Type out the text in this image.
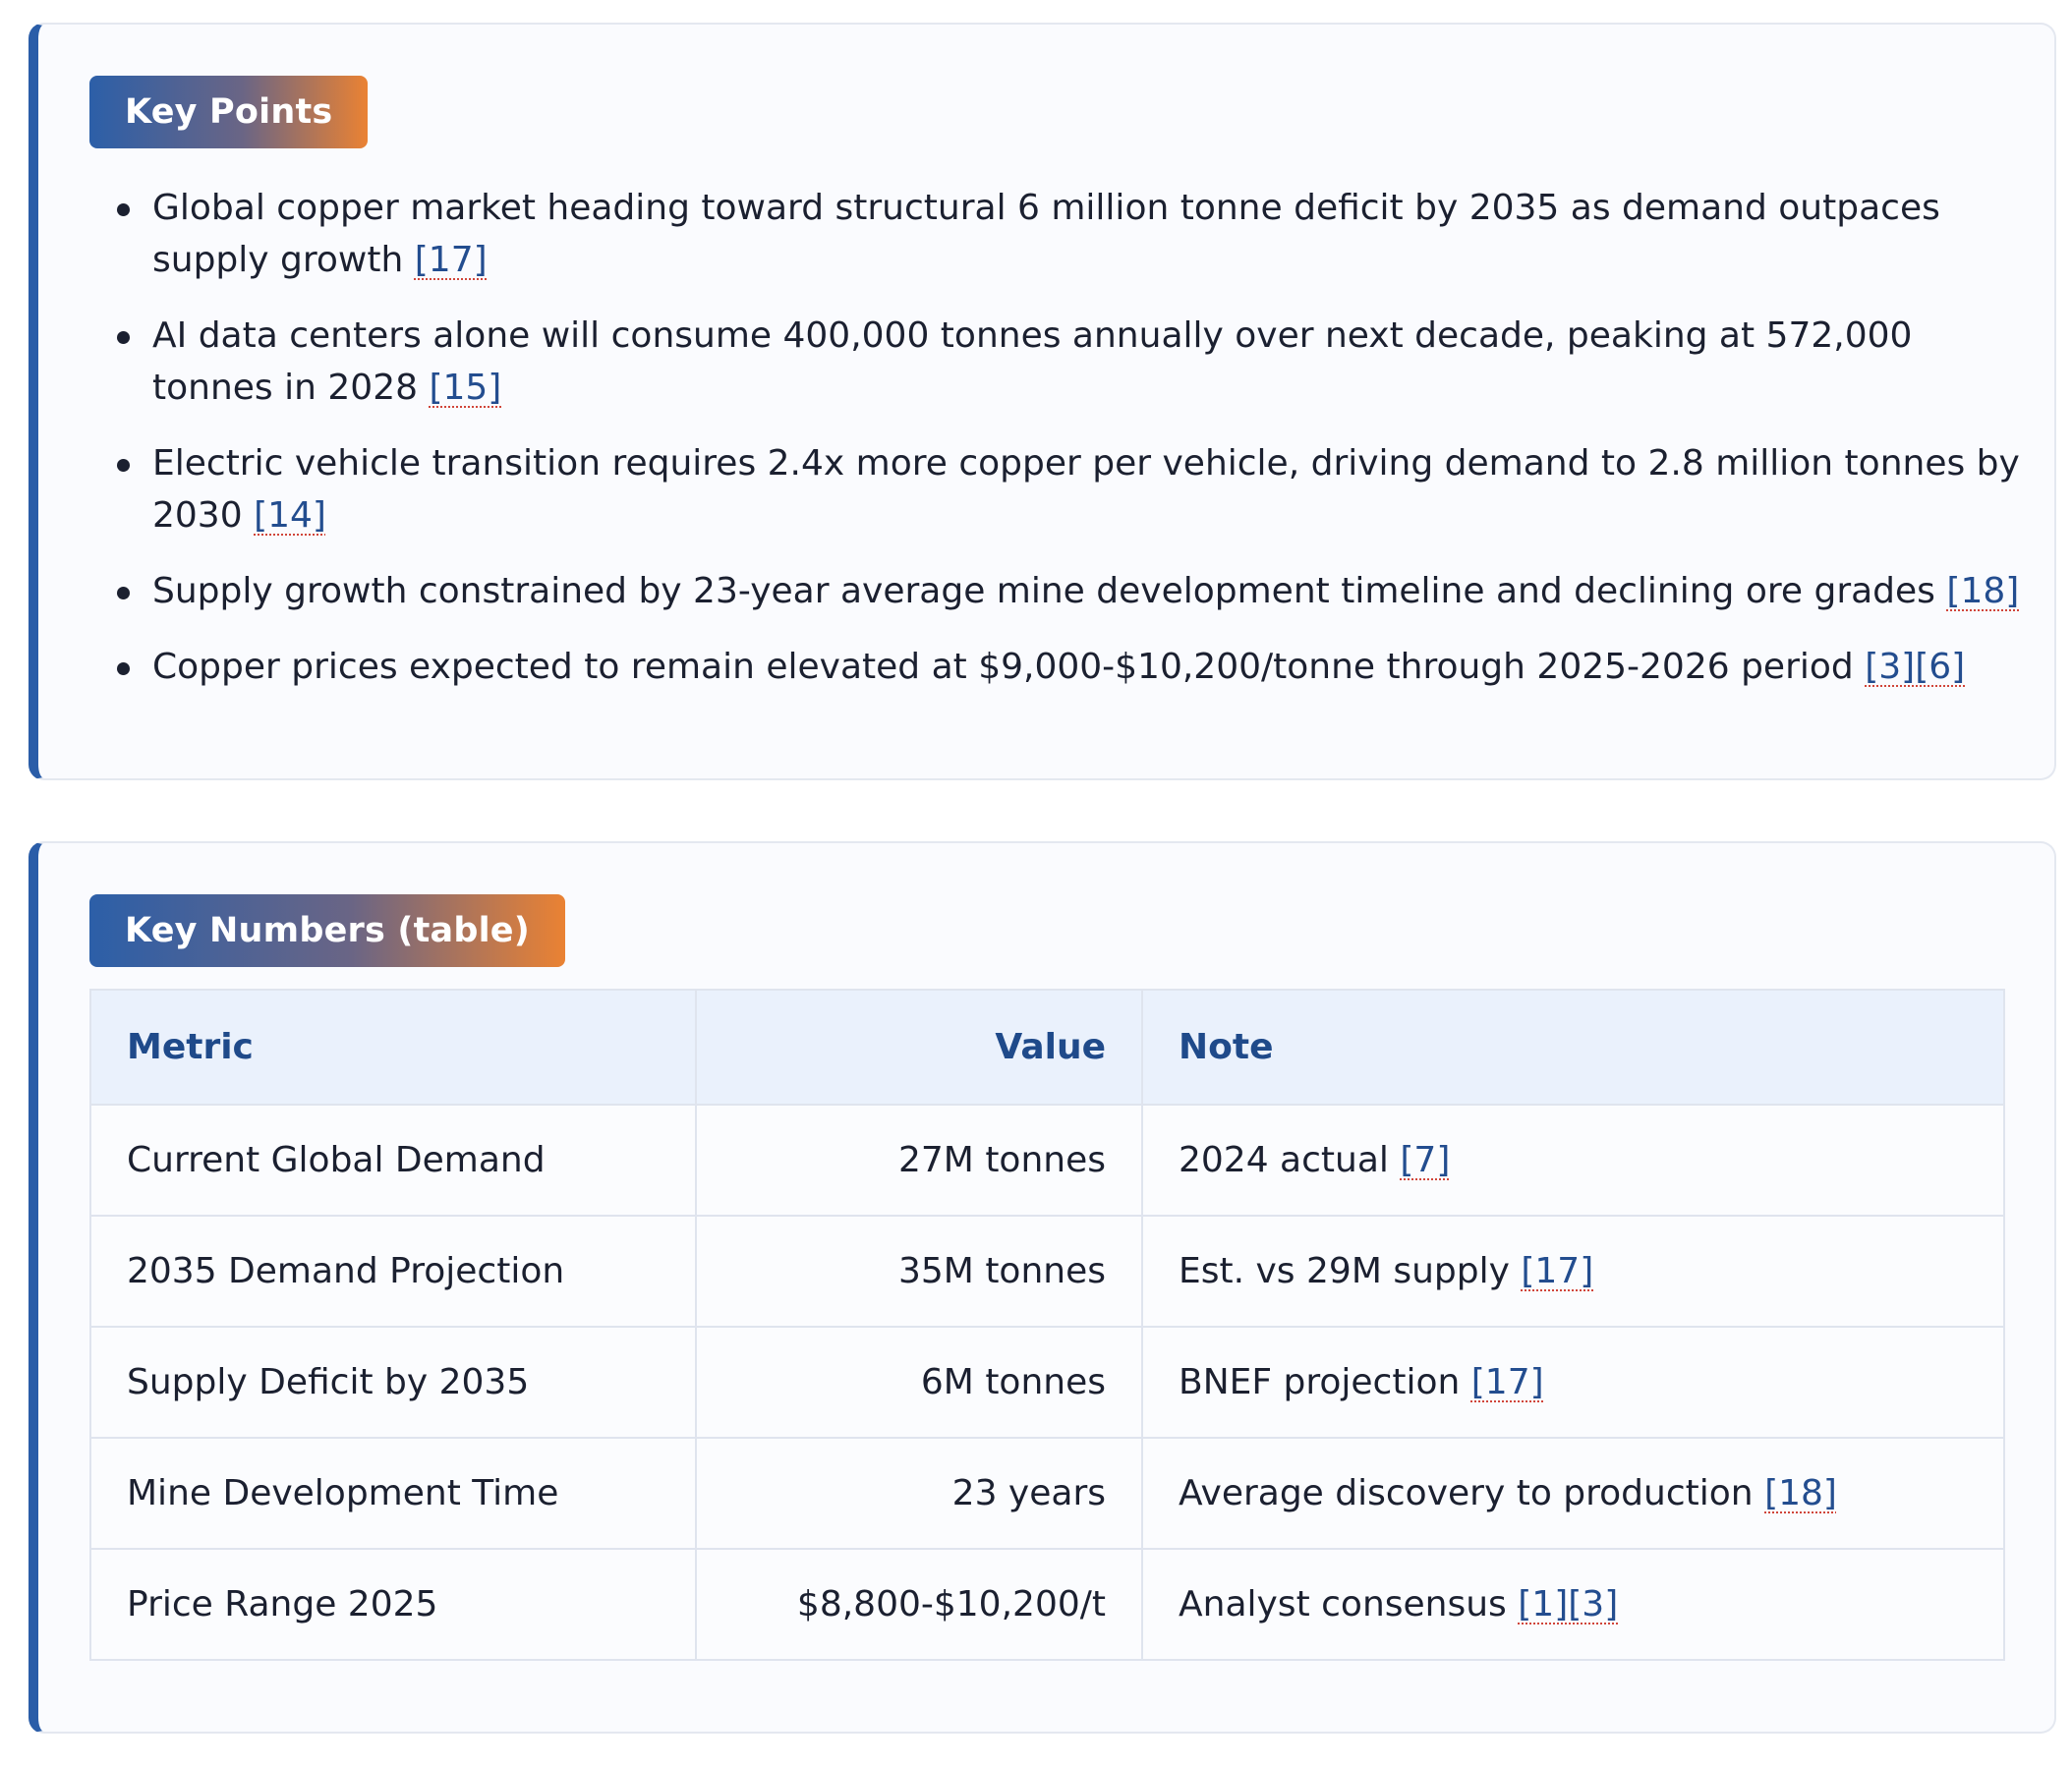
Key Points
Global copper market heading toward structural 6 million tonne deficit by 2035 as demand outpaces supply growth [17]
AI data centers alone will consume 400,000 tonnes annually over next decade, peaking at 572,000 tonnes in 2028 [15]
Electric vehicle transition requires 2.4x more copper per vehicle, driving demand to 2.8 million tonnes by 2030 [14]
Supply growth constrained by 23-year average mine development timeline and declining ore grades [18]
Copper prices expected to remain elevated at $9,000-$10,200/tonne through 2025-2026 period [3][6]
Key Numbers (table)
Metric	Value	Note
Current Global Demand	27M tonnes	2024 actual [7]
2035 Demand Projection	35M tonnes	Est. vs 29M supply [17]
Supply Deficit by 2035	6M tonnes	BNEF projection [17]
Mine Development Time	23 years	Average discovery to production [18]
Price Range 2025	$8,800-$10,200/t	Analyst consensus [1][3]
